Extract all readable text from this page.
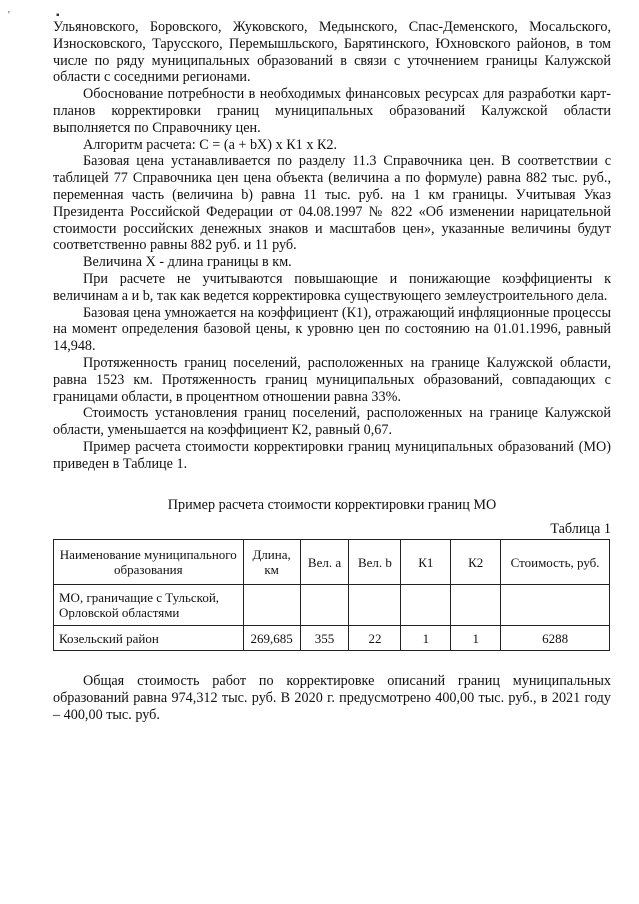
'	▪

Ульяновского, Боровского, Жуковского, Медынского, Спас-Деменского, Мосальского, Износковского, Тарусского, Перемышльского, Барятинского, Юхновского районов, в том числе по ряду муниципальных образований в связи с уточнением границы Калужской области с соседними регионами.

Обоснование потребности в необходимых финансовых ресурсах для разработки карт-планов корректировки границ муниципальных образований Калужской области выполняется по Справочнику цен.

Алгоритм расчета: С = (а + bX) х К1 х К2.

Базовая цена устанавливается по разделу 11.3 Справочника цен. В соответствии с таблицей 77 Справочника цен цена объекта (величина а по формуле) равна 882 тыс. руб., переменная часть (величина b) равна 11 тыс. руб. на 1 км границы. Учитывая Указ Президента Российской Федерации от 04.08.1997 № 822 «Об изменении нарицательной стоимости российских денежных знаков и масштабов цен», указанные величины будут соответственно равны 882 руб. и 11 руб.

Величина X - длина границы в км.

При расчете не учитываются повышающие и понижающие коэффициенты к величинам а и b, так как ведется корректировка существующего землеустроительного дела.

Базовая цена умножается на коэффициент (К1), отражающий инфляционные процессы на момент определения базовой цены, к уровню цен по состоянию на 01.01.1996, равный 14,948.

Протяженность границ поселений, расположенных на границе Калужской области, равна 1523 км. Протяженность границ муниципальных образований, совпадающих с границами области, в процентном отношении равна 33%.

Стоимость установления границ поселений, расположенных на границе Калужской области, уменьшается на коэффициент К2, равный 0,67.

Пример расчета стоимости корректировки границ муниципальных образований (МО) приведен в Таблице 1.

Пример расчета стоимости корректировки границ МО

Таблица 1

Наименование муниципального образования	Длина, км	Вел. а	Вел. b	К1	К2	Стоимость, руб.
МО, граничащие с Тульской, Орловской областями						
Козельский район	269,685	355	22	1	1	6288

Общая стоимость работ по корректировке описаний границ муниципальных образований равна 974,312 тыс. руб. В 2020 г. предусмотрено 400,00 тыс. руб., в 2021 году – 400,00 тыс. руб.
